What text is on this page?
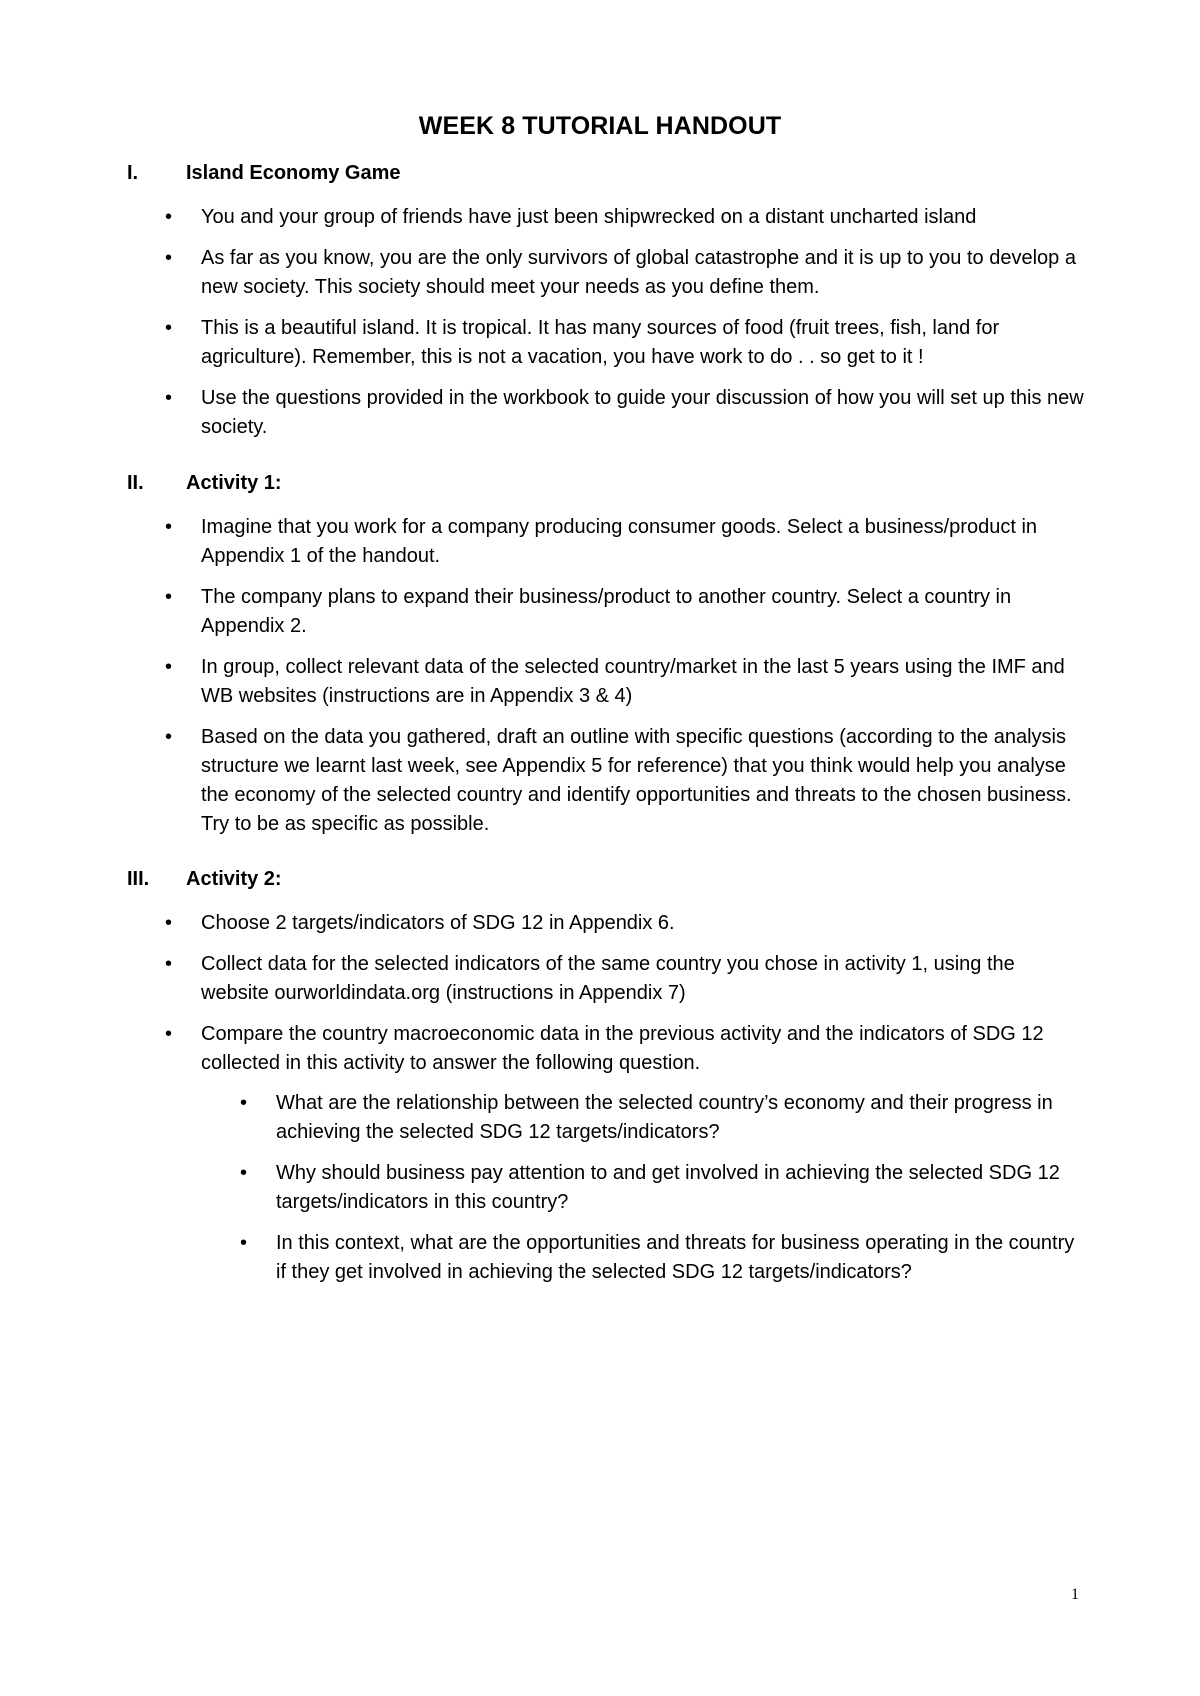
WEEK 8 TUTORIAL HANDOUT
I. Island Economy Game
•	You and your group of friends have just been shipwrecked on a distant uncharted island
•	As far as you know, you are the only survivors of global catastrophe and it is up to you to develop a new society. This society should meet your needs as you define them.
•	This is a beautiful island. It is tropical. It has many sources of food (fruit trees, fish, land for agriculture). Remember, this is not a vacation, you have work to do . . so get to it !
•	Use the questions provided in the workbook to guide your discussion of how you will set up this new society.
II. Activity 1:
•	Imagine that you work for a company producing consumer goods. Select a business/product in Appendix 1 of the handout.
•	The company plans to expand their business/product to another country. Select a country in Appendix 2.
•	In group, collect relevant data of the selected country/market in the last 5 years using the IMF and WB websites (instructions are in Appendix 3 & 4)
•	Based on the data you gathered, draft an outline with specific questions (according to the analysis structure we learnt last week, see Appendix 5 for reference) that you think would help you analyse the economy of the selected country and identify opportunities and threats to the chosen business. Try to be as specific as possible.
III. Activity 2:
•	Choose 2 targets/indicators of SDG 12 in Appendix 6.
•	Collect data for the selected indicators of the same country you chose in activity 1, using the website ourworldindata.org (instructions in Appendix 7)
•	Compare the country macroeconomic data in the previous activity and the indicators of SDG 12 collected in this activity to answer the following question.
•	What are the relationship between the selected country’s economy and their progress in achieving the selected SDG 12 targets/indicators?
•	Why should business pay attention to and get involved in achieving the selected SDG 12 targets/indicators in this country?
•	In this context, what are the opportunities and threats for business operating in the country if they get involved in achieving the selected SDG 12 targets/indicators?
1
